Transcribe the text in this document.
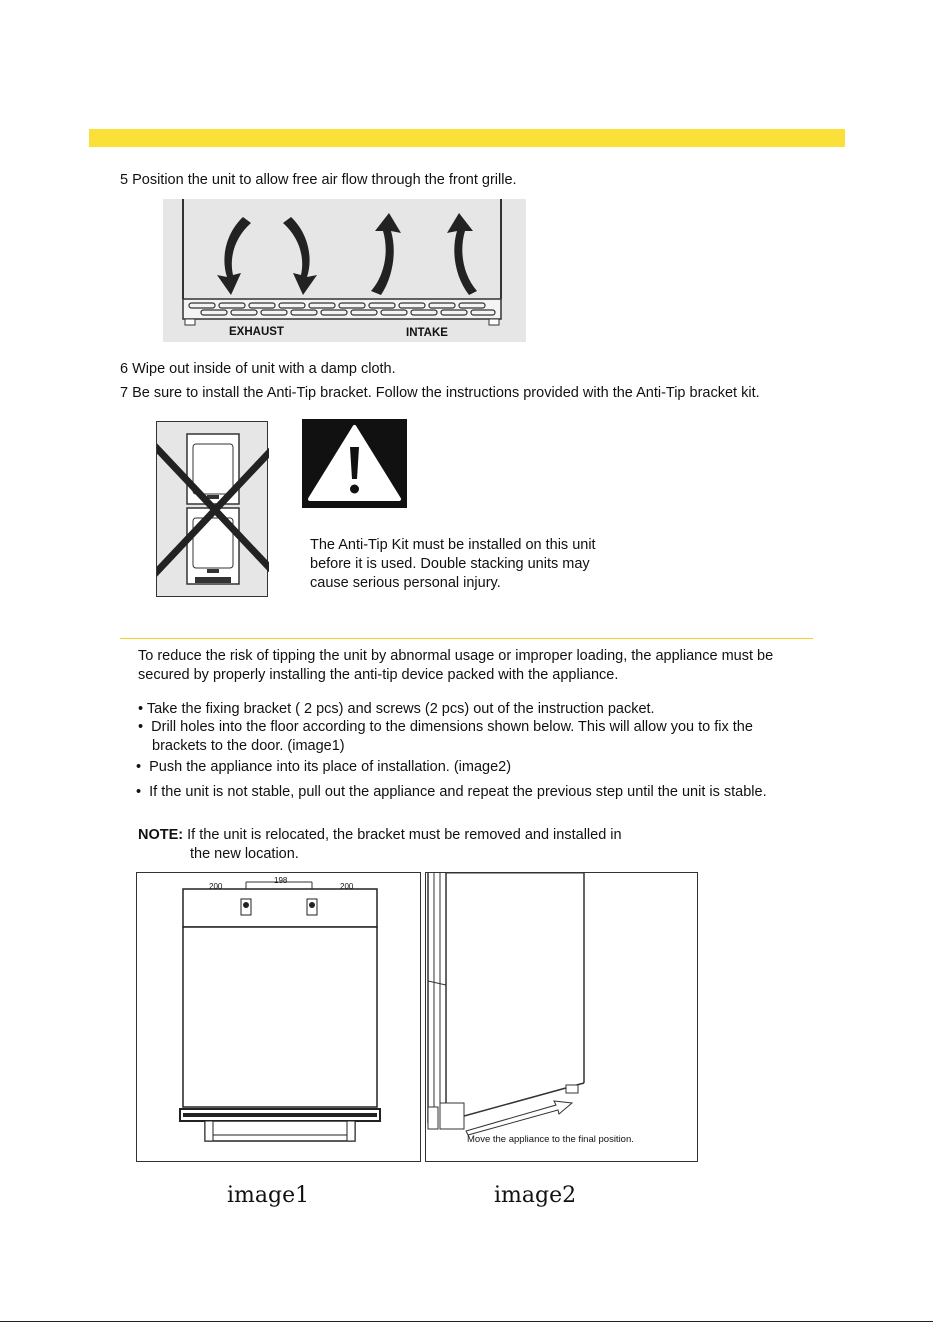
5 Position the unit to allow free air flow through the front grille.
EXHAUST	INTAKE
6 Wipe out inside of unit with a damp cloth.
7 Be sure to install the Anti-Tip bracket. Follow the instructions provided with the Anti-Tip bracket kit.
The Anti-Tip Kit must be installed on this unit
before it is used. Double stacking units may
cause serious personal injury.
To reduce the risk of tipping the unit by abnormal usage or improper loading, the appliance must be
secured by properly installing the anti-tip device packed with the appliance.
• Take the fixing bracket ( 2 pcs) and screws (2 pcs) out of the instruction packet.
•  Drill holes into the floor according to the dimensions shown below. This will allow you to fix the
brackets to the door. (image1)
•  Push the appliance into its place of installation. (image2)
•  If the unit is not stable, pull out the appliance and repeat the previous step until the unit is stable.
NOTE: If the unit is relocated, the bracket must be removed and installed in
the new location.
200
198
200
Move the appliance to the final position.
image1	image2
